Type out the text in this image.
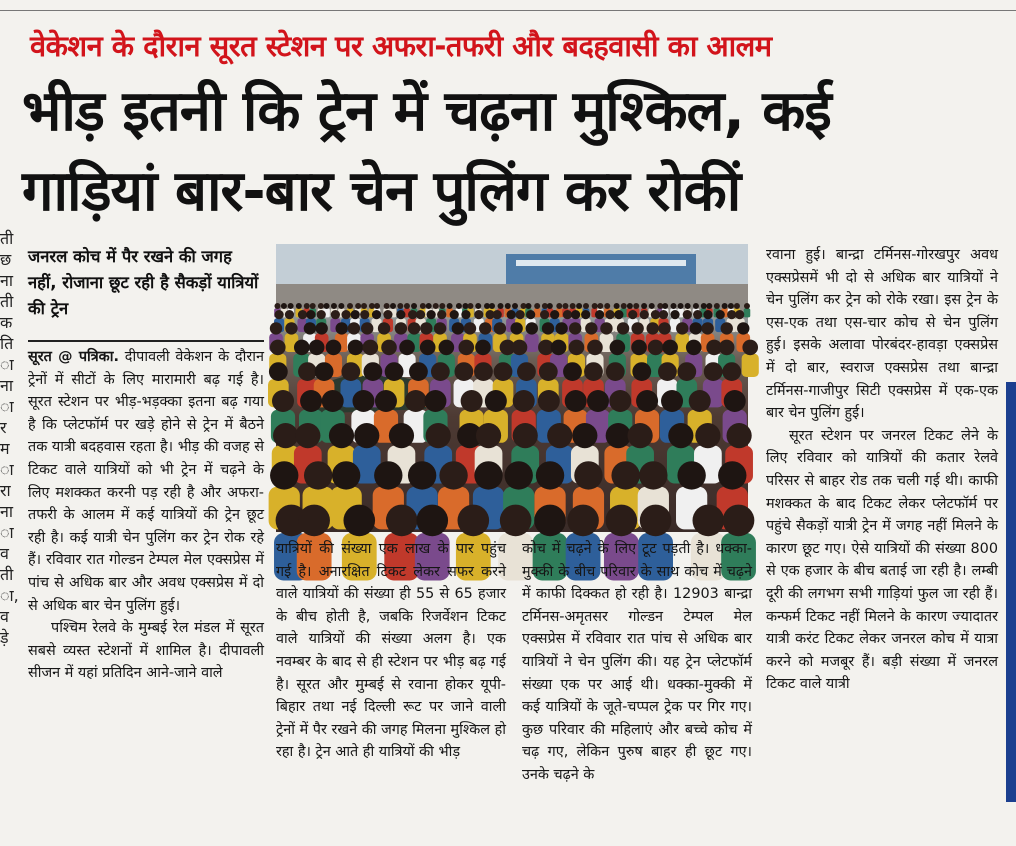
वेकेशन के दौरान सूरत स्टेशन पर अफरा-तफरी और बदहवासी का आलम
भीड़ इतनी कि ट्रेन में चढ़ना मुश्किल, कई
गाड़ियां बार-बार चेन पुलिंग कर रोकीं
ती छ ना ती क ति ा ना ा र म ा रा ना ा व ती ा, व ड़े
जनरल कोच में पैर रखने की जगह नहीं, रोजाना छूट रही है सैकड़ों यात्रियों की ट्रेन

सूरत @ पत्रिका. दीपावली वेकेशन के दौरान ट्रेनों में सीटों के लिए मारामारी बढ़ गई है। सूरत स्टेशन पर भीड़-भड़क्का इतना बढ़ गया है कि प्लेटफॉर्म पर खड़े होने से ट्रेन में बैठने तक यात्री बदहवास रहता है। भीड़ की वजह से टिकट वाले यात्रियों को भी ट्रेन में चढ़ने के लिए मशक्कत करनी पड़ रही है और अफरा-तफरी के आलम में कई यात्रियों की ट्रेन छूट रही है। कई यात्री चेन पुलिंग कर ट्रेन रोक रहे हैं। रविवार रात गोल्डन टेम्पल मेल एक्सप्रेस में पांच से अधिक बार और अवध एक्सप्रेस में दो से अधिक बार चेन पुलिंग हुई।

पश्चिम रेलवे के मुम्बई रेल मंडल में सूरत सबसे व्यस्त स्टेशनों में शामिल है। दीपावली सीजन में यहां प्रतिदिन आने-जाने वाले

यात्रियों की संख्या एक लाख के पार पहुंच गई है। अनारक्षित टिकट लेकर सफर करने वाले यात्रियों की संख्या ही 55 से 65 हजार के बीच होती है, जबकि रिजर्वेशन टिकट वाले यात्रियों की संख्या अलग है। एक नवम्बर के बाद से ही स्टेशन पर भीड़ बढ़ गई है। सूरत और मुम्बई से रवाना होकर यूपी-बिहार तथा नई दिल्ली रूट पर जाने वाली ट्रेनों में पैर रखने की जगह मिलना मुश्किल हो रहा है। ट्रेन आते ही यात्रियों की भीड़
कोच में चढ़ने के लिए टूट पड़ती है। धक्का-मुक्की के बीच परिवार के साथ कोच में चढ़ने में काफी दिक्कत हो रही है। 12903 बान्द्रा टर्मिनस-अमृतसर गोल्डन टेम्पल मेल एक्सप्रेस में रविवार रात पांच से अधिक बार यात्रियों ने चेन पुलिंग की। यह ट्रेन प्लेटफॉर्म संख्या एक पर आई थी। धक्का-मुक्की में कई यात्रियों के जूते-चप्पल ट्रेक पर गिर गए। कुछ परिवार की महिलाएं और बच्चे कोच में चढ़ गए, लेकिन पुरुष बाहर ही छूट गए। उनके चढ़ने के

रवाना हुई। बान्द्रा टर्मिनस-गोरखपुर अवध एक्सप्रेसमें भी दो से अधिक बार यात्रियों ने चेन पुलिंग कर ट्रेन को रोके रखा। इस ट्रेन के एस-एक तथा एस-चार कोच से चेन पुलिंग हुई। इसके अलावा पोरबंदर-हावड़ा एक्सप्रेस में दो बार, स्वराज एक्सप्रेस तथा बान्द्रा टर्मिनस-गाजीपुर सिटी एक्सप्रेस में एक-एक बार चेन पुलिंग हुई।

सूरत स्टेशन पर जनरल टिकट लेने के लिए रविवार को यात्रियों की कतार रेलवे परिसर से बाहर रोड तक चली गई थी। काफी मशक्कत के बाद टिकट लेकर प्लेटफॉर्म पर पहुंचे सैकड़ों यात्री ट्रेन में जगह नहीं मिलने के कारण छूट गए। ऐसे यात्रियों की संख्या 800 से एक हजार के बीच बताई जा रही है। लम्बी दूरी की लगभग सभी गाड़ियां फुल जा रही हैं। कन्फर्म टिकट नहीं मिलने के कारण ज्यादातर यात्री करंट टिकट लेकर जनरल कोच में यात्रा करने को मजबूर हैं। बड़ी संख्या में जनरल टिकट वाले यात्री
